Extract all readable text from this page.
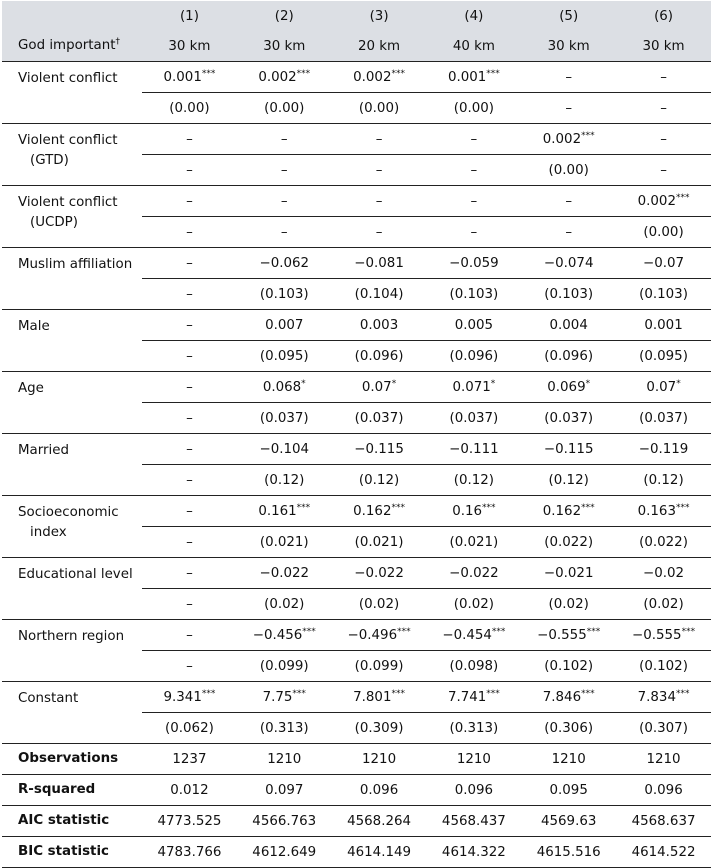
	(1)	(2)	(3)	(4)	(5)	(6)
God important†	30 km	30 km	20 km	40 km	30 km	30 km

Violent conflict	0.001***	0.002***	0.002***	0.001***	–	–
	(0.00)	(0.00)	(0.00)	(0.00)	–	–

Violent conflict
(GTD)	–	–	–	–	0.002***	–
	–	–	–	–	(0.00)	–

Violent conflict
(UCDP)	–	–	–	–	–	0.002***
	–	–	–	–	–	(0.00)

Muslim affiliation	–	−0.062	−0.081	−0.059	−0.074	−0.07
	–	(0.103)	(0.104)	(0.103)	(0.103)	(0.103)

Male	–	0.007	0.003	0.005	0.004	0.001
	–	(0.095)	(0.096)	(0.096)	(0.096)	(0.095)

Age	–	0.068*	0.07*	0.071*	0.069*	0.07*
	–	(0.037)	(0.037)	(0.037)	(0.037)	(0.037)

Married	–	−0.104	−0.115	−0.111	−0.115	−0.119
	–	(0.12)	(0.12)	(0.12)	(0.12)	(0.12)

Socioeconomic
index	–	0.161***	0.162***	0.16***	0.162***	0.163***
	–	(0.021)	(0.021)	(0.021)	(0.022)	(0.022)

Educational level	–	−0.022	−0.022	−0.022	−0.021	−0.02
	–	(0.02)	(0.02)	(0.02)	(0.02)	(0.02)

Northern region	–	−0.456***	−0.496***	−0.454***	−0.555***	−0.555***
	–	(0.099)	(0.099)	(0.098)	(0.102)	(0.102)

Constant	9.341***	7.75***	7.801***	7.741***	7.846***	7.834***
	(0.062)	(0.313)	(0.309)	(0.313)	(0.306)	(0.307)
Observations	1237	1210	1210	1210	1210	1210
R-squared	0.012	0.097	0.096	0.096	0.095	0.096
AIC statistic	4773.525	4566.763	4568.264	4568.437	4569.63	4568.637
BIC statistic	4783.766	4612.649	4614.149	4614.322	4615.516	4614.522
